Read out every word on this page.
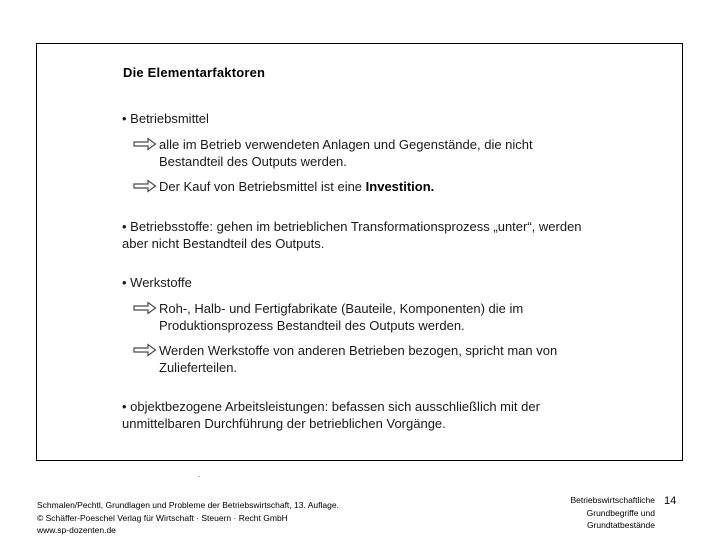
Die Elementarfaktoren
• Betriebsmittel
alle im Betrieb verwendeten Anlagen und Gegenstände, die nicht
Bestandteil des Outputs werden.
Der Kauf von Betriebsmittel ist eine Investition.
• Betriebsstoffe: gehen im betrieblichen Transformationsprozess „unter“, werden
aber nicht Bestandteil des Outputs.
• Werkstoffe
Roh-, Halb- und Fertigfabrikate (Bauteile, Komponenten) die im
Produktionsprozess Bestandteil des Outputs werden.
Werden Werkstoffe von anderen Betrieben bezogen, spricht man von
Zulieferteilen.
• objektbezogene Arbeitsleistungen: befassen sich ausschließlich mit der
unmittelbaren Durchführung der betrieblichen Vorgänge.
.
Schmalen/Pechtl, Grundlagen und Probleme der Betriebswirtschaft, 13. Auflage.
© Schäffer-Poeschel Verlag für Wirtschaft · Steuern · Recht GmbH
www.sp-dozenten.de
Betriebswirtschaftliche
Grundbegriffe und
Grundtatbestände
14
